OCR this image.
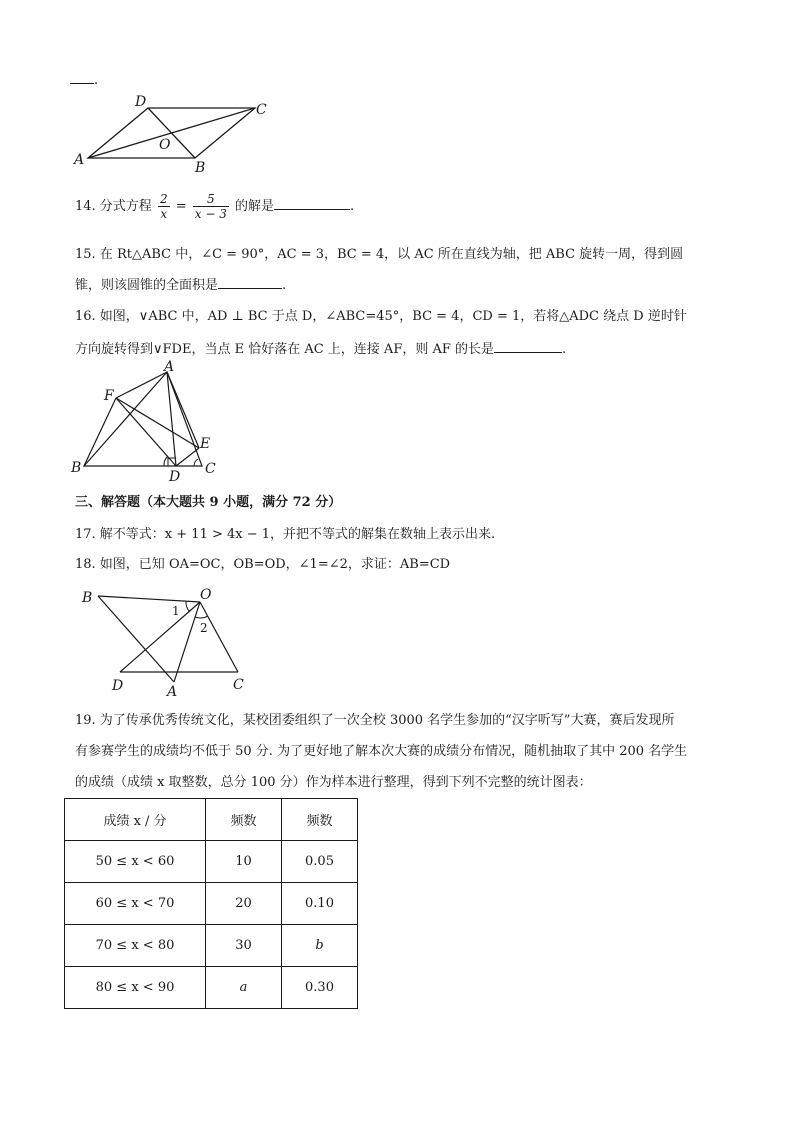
.
A	B
C
D
O
14. 分式方程 $\frac{2}{x} = \frac{5}{x - 3}$ 的解是	.
15. 在 Rt△ABC 中，∠C = 90°，AC = 3，BC = 4，以 AC 所在直线为轴，把 ABC 旋转一周，得到圆
锥，则该圆锥的全面积是	.
16. 如图，∨ABC 中，AD ⊥ BC 于点 D，∠ABC=45°，BC = 4，CD = 1，若将△ADC 绕点 D 逆时针
方向旋转得到∨FDE，当点 E 恰好落在 AC 上，连接 AF，则 AF 的长是	.
A
F
E
B
D C
三、解答题（本大题共 9 小题，满分 72 分）
17. 解不等式：x + 11 > 4x − 1，并把不等式的解集在数轴上表示出来.
18. 如图，已知 OA=OC，OB=OD，∠1=∠2，求证：AB=CD
B	O
D	A	C
1
2
19. 为了传承优秀传统文化，某校团委组织了一次全校 3000 名学生参加的“汉字听写”大赛，赛后发现所
有参赛学生的成绩均不低于 50 分. 为了更好地了解本次大赛的成绩分布情况，随机抽取了其中 200 名学生
的成绩（成绩 x 取整数，总分 100 分）作为样本进行整理，得到下列不完整的统计图表：
成绩 x / 分	频数	频数
50 ≤ x < 60	10	0.05
60 ≤ x < 70	20	0.10
70 ≤ x < 80	30	b
80 ≤ x < 90	a	0.30
